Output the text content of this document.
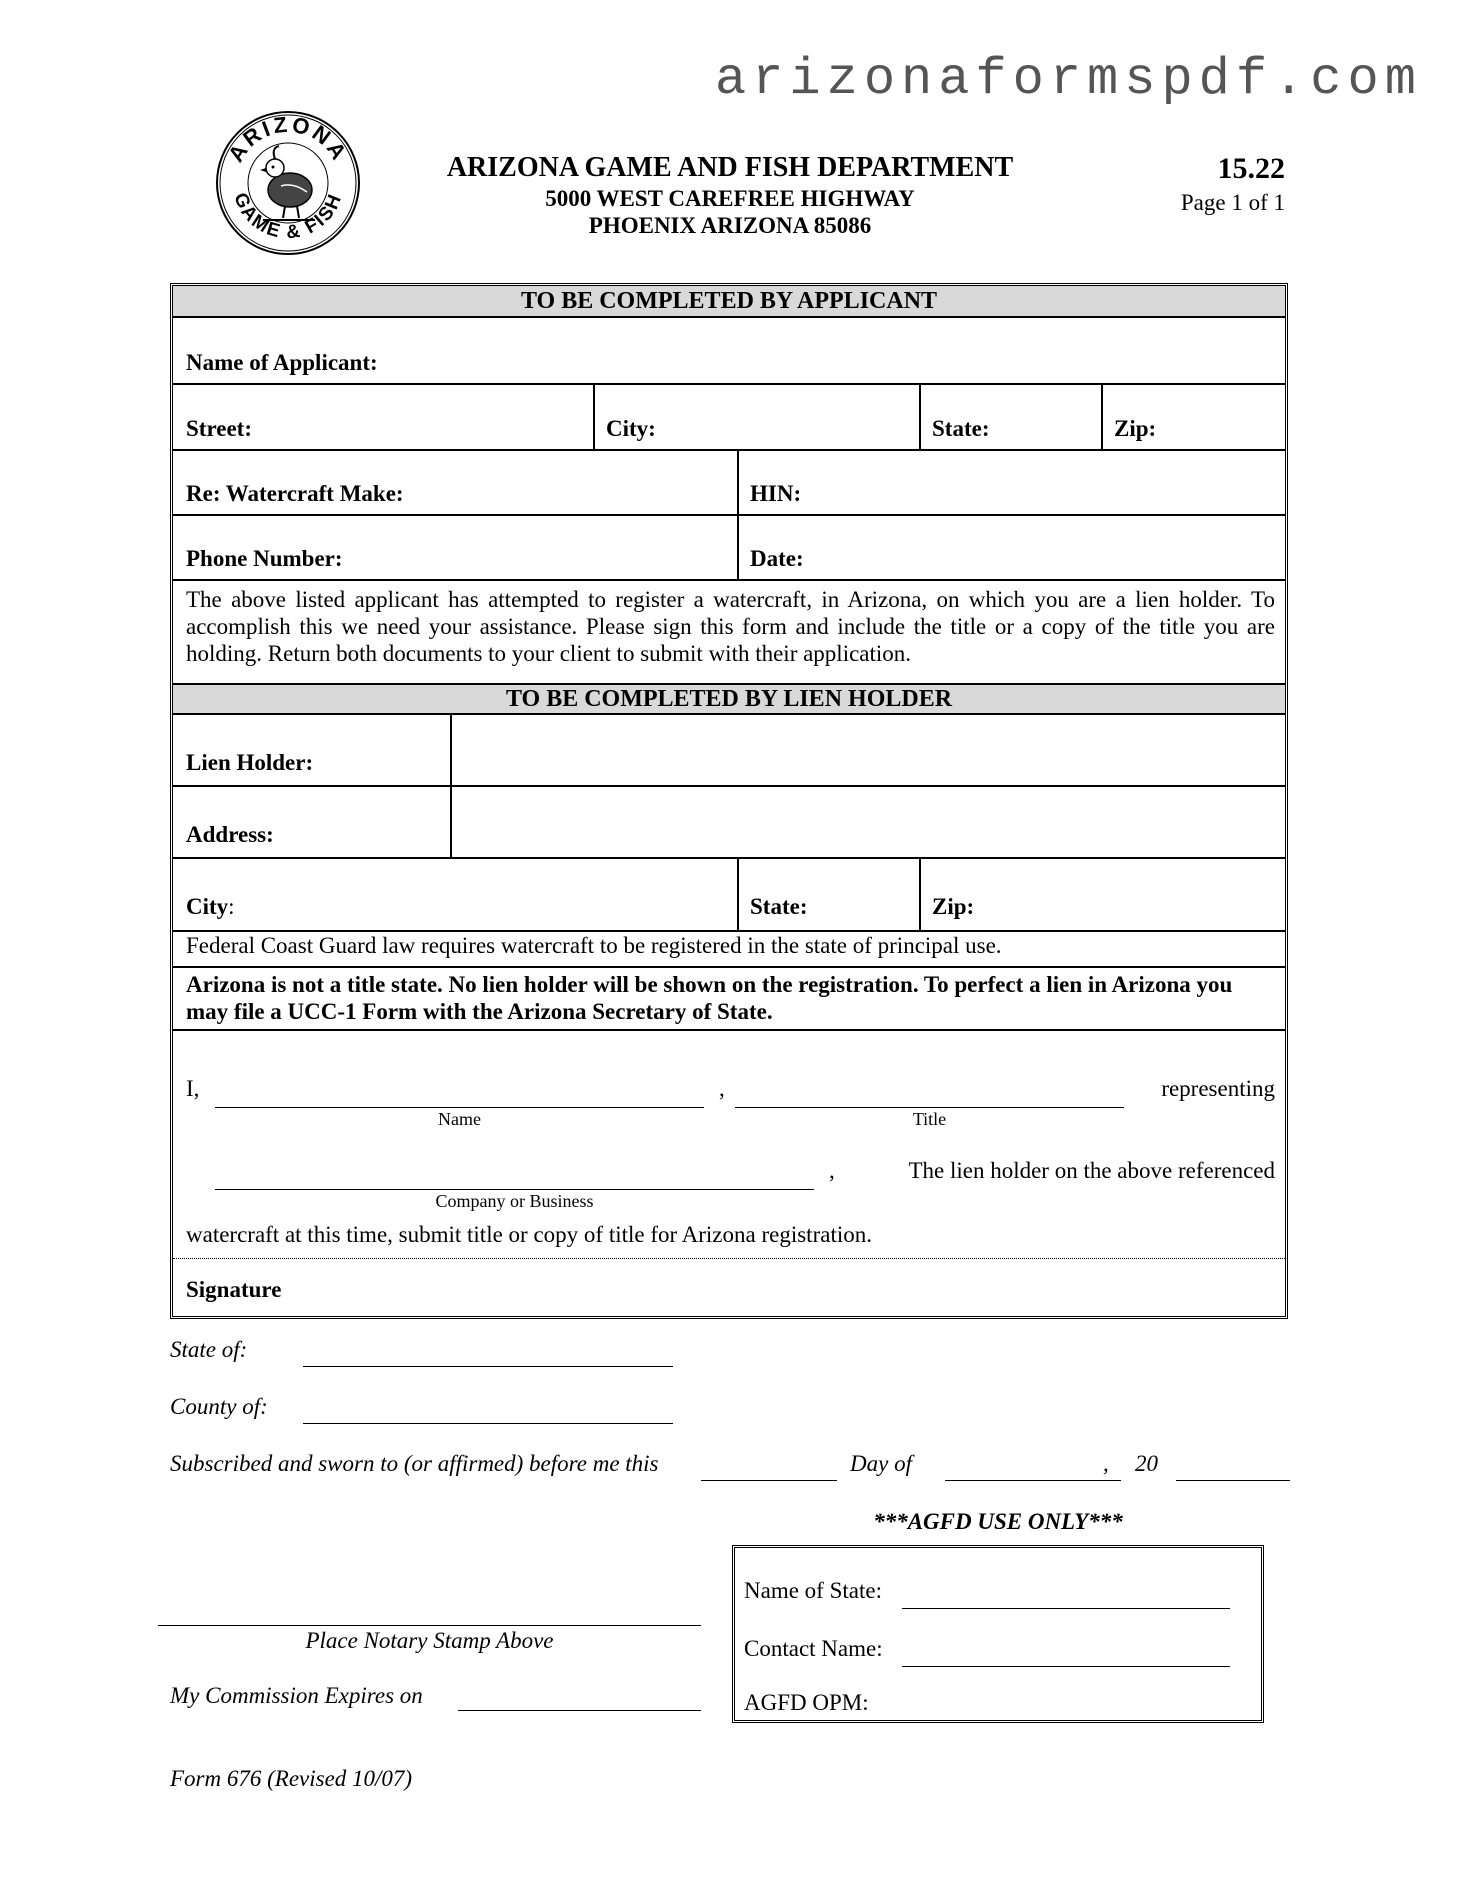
arizonaformspdf.com
ARIZONA
GAME & FISH
ARIZONA GAME AND FISH DEPARTMENT
5000 WEST CAREFREE HIGHWAY
PHOENIX ARIZONA 85086
15.22
Page 1 of 1
TO BE COMPLETED BY APPLICANT
Name of Applicant:
Street:	City:	State:	Zip:
Re: Watercraft Make:	HIN:
Phone Number:	Date:
The above listed applicant has attempted to register a watercraft, in Arizona, on which you are a lien holder. To accomplish this we need your assistance. Please sign this form and include the title or a copy of the title you are holding. Return both documents to your client to submit with their application.
TO BE COMPLETED BY LIEN HOLDER
Lien Holder:
Address:
City:	State:	Zip:
Federal Coast Guard law requires watercraft to be registered in the state of principal use.
Arizona is not a title state. No lien holder will be shown on the registration. To perfect a lien in Arizona you may file a UCC-1 Form with the Arizona Secretary of State.
I,	,	representing
Name	Title
,	The lien holder on the above referenced
Company or Business
watercraft at this time, submit title or copy of title for Arizona registration.
Signature
State of:
County of:
Subscribed and sworn to (or affirmed) before me this	Day of	, 20
Place Notary Stamp Above
My Commission Expires on
***AGFD USE ONLY***
Name of State:
Contact Name:
AGFD OPM:
Form 676 (Revised 10/07)
